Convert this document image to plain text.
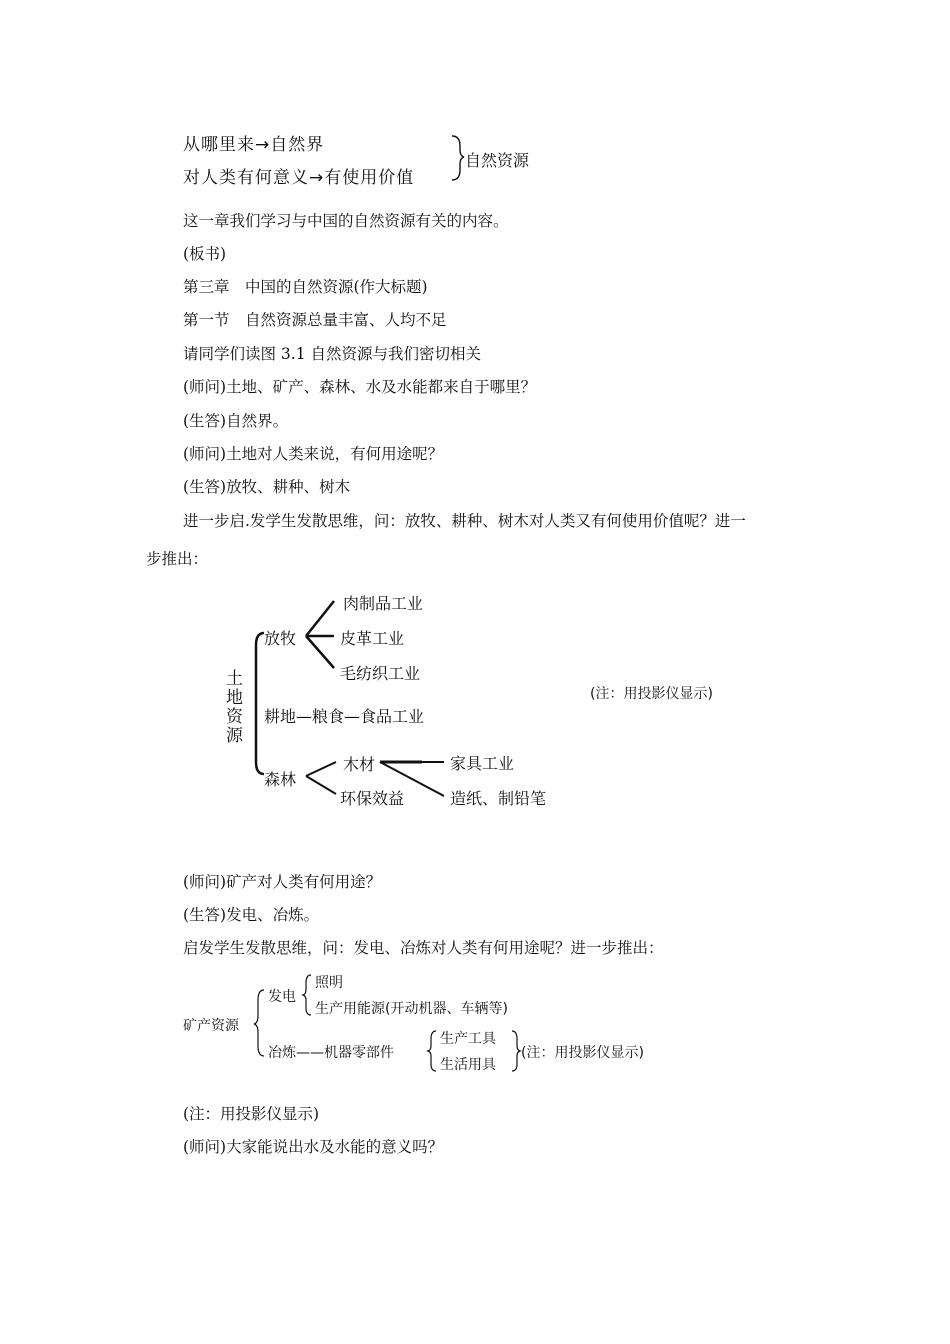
从哪里来→自然界
对人类有何意义→有使用价值
自然资源
这一章我们学习与中国的自然资源有关的内容。
(板书)
第三章　中国的自然资源(作大标题)
第一节　自然资源总量丰富、人均不足
请同学们读图 3.1 自然资源与我们密切相关
(师问)土地、矿产、森林、水及水能都来自于哪里？
(生答)自然界。
(师问)土地对人类来说，有何用途呢？
(生答)放牧、耕种、树木
进一步启.发学生发散思维，问：放牧、耕种、树木对人类又有何使用价值呢？进一
步推出：
土地资源
放牧
肉制品工业
皮革工业
毛纺织工业
耕地—粮食—食品工业
森林
木材
环保效益
家具工业
造纸、制铅笔
(注：用投影仪显示)
(师问)矿产对人类有何用途？
(生答)发电、冶炼。
启发学生发散思维，问：发电、冶炼对人类有何用途呢？进一步推出：
矿产资源
发电
照明
生产用能源(开动机器、车辆等)
冶炼——机器零部件
生产工具
生活用具
(注：用投影仪显示)
(注：用投影仪显示)
(师问)大家能说出水及水能的意义吗？
